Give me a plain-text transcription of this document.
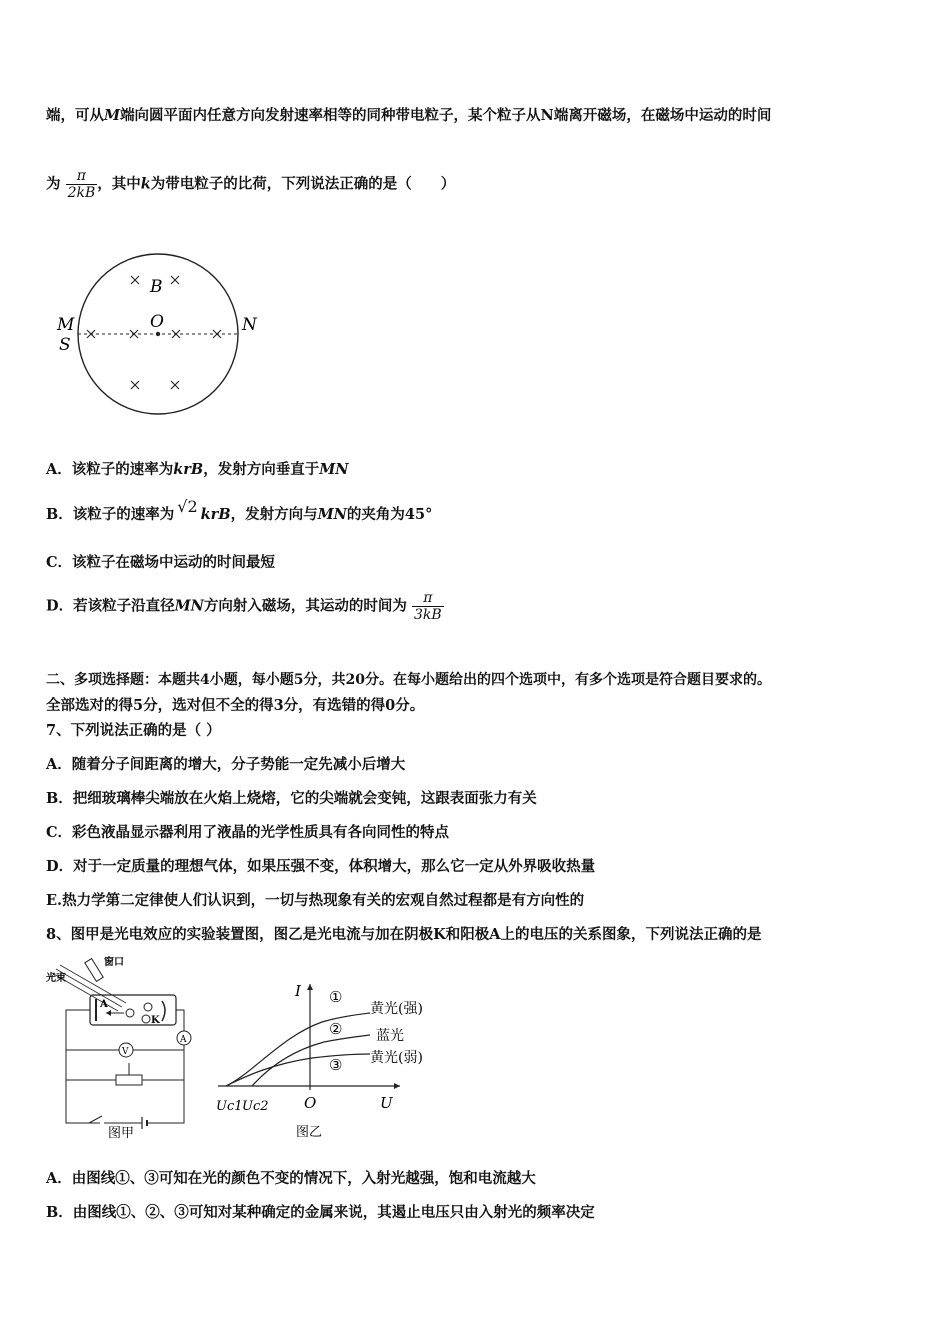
端，可从M端向圆平面内任意方向发射速率相等的同种带电粒子，某个粒子从N端离开磁场，在磁场中运动的时间
为 $\frac{\pi}{2kB}$ ，其中k为带电粒子的比荷，下列说法正确的是（　　）
B
O
M
S
N
A．该粒子的速率为krB，发射方向垂直于MN
B．该粒子的速率为 √2 krB，发射方向与MN的夹角为45°
C．该粒子在磁场中运动的时间最短
D．若该粒子沿直径MN方向射入磁场，其运动的时间为 $\frac{\pi}{3kB}$
二、多项选择题：本题共4小题，每小题5分，共20分。在每小题给出的四个选项中，有多个选项是符合题目要求的。
全部选对的得5分，选对但不全的得3分，有选错的得0分。
7、下列说法正确的是（ ）
A．随着分子间距离的增大，分子势能一定先减小后增大
B．把细玻璃棒尖端放在火焰上烧熔，它的尖端就会变钝，这跟表面张力有关
C．彩色液晶显示器利用了液晶的光学性质具有各向同性的特点
D．对于一定质量的理想气体，如果压强不变，体积增大，那么它一定从外界吸收热量
E.热力学第二定律使人们认识到，一切与热现象有关的宏观自然过程都是有方向性的
8、图甲是光电效应的实验装置图，图乙是光电流与加在阴极K和阳极A上的电压的关系图象，下列说法正确的是
窗口
光束
A
K
A
V
图甲
I
U
O
Uc1 Uc2
①
②
③
黄光(强)
蓝光
黄光(弱)
图乙
A．由图线①、③可知在光的颜色不变的情况下，入射光越强，饱和电流越大
B．由图线①、②、③可知对某种确定的金属来说，其遏止电压只由入射光的频率决定
